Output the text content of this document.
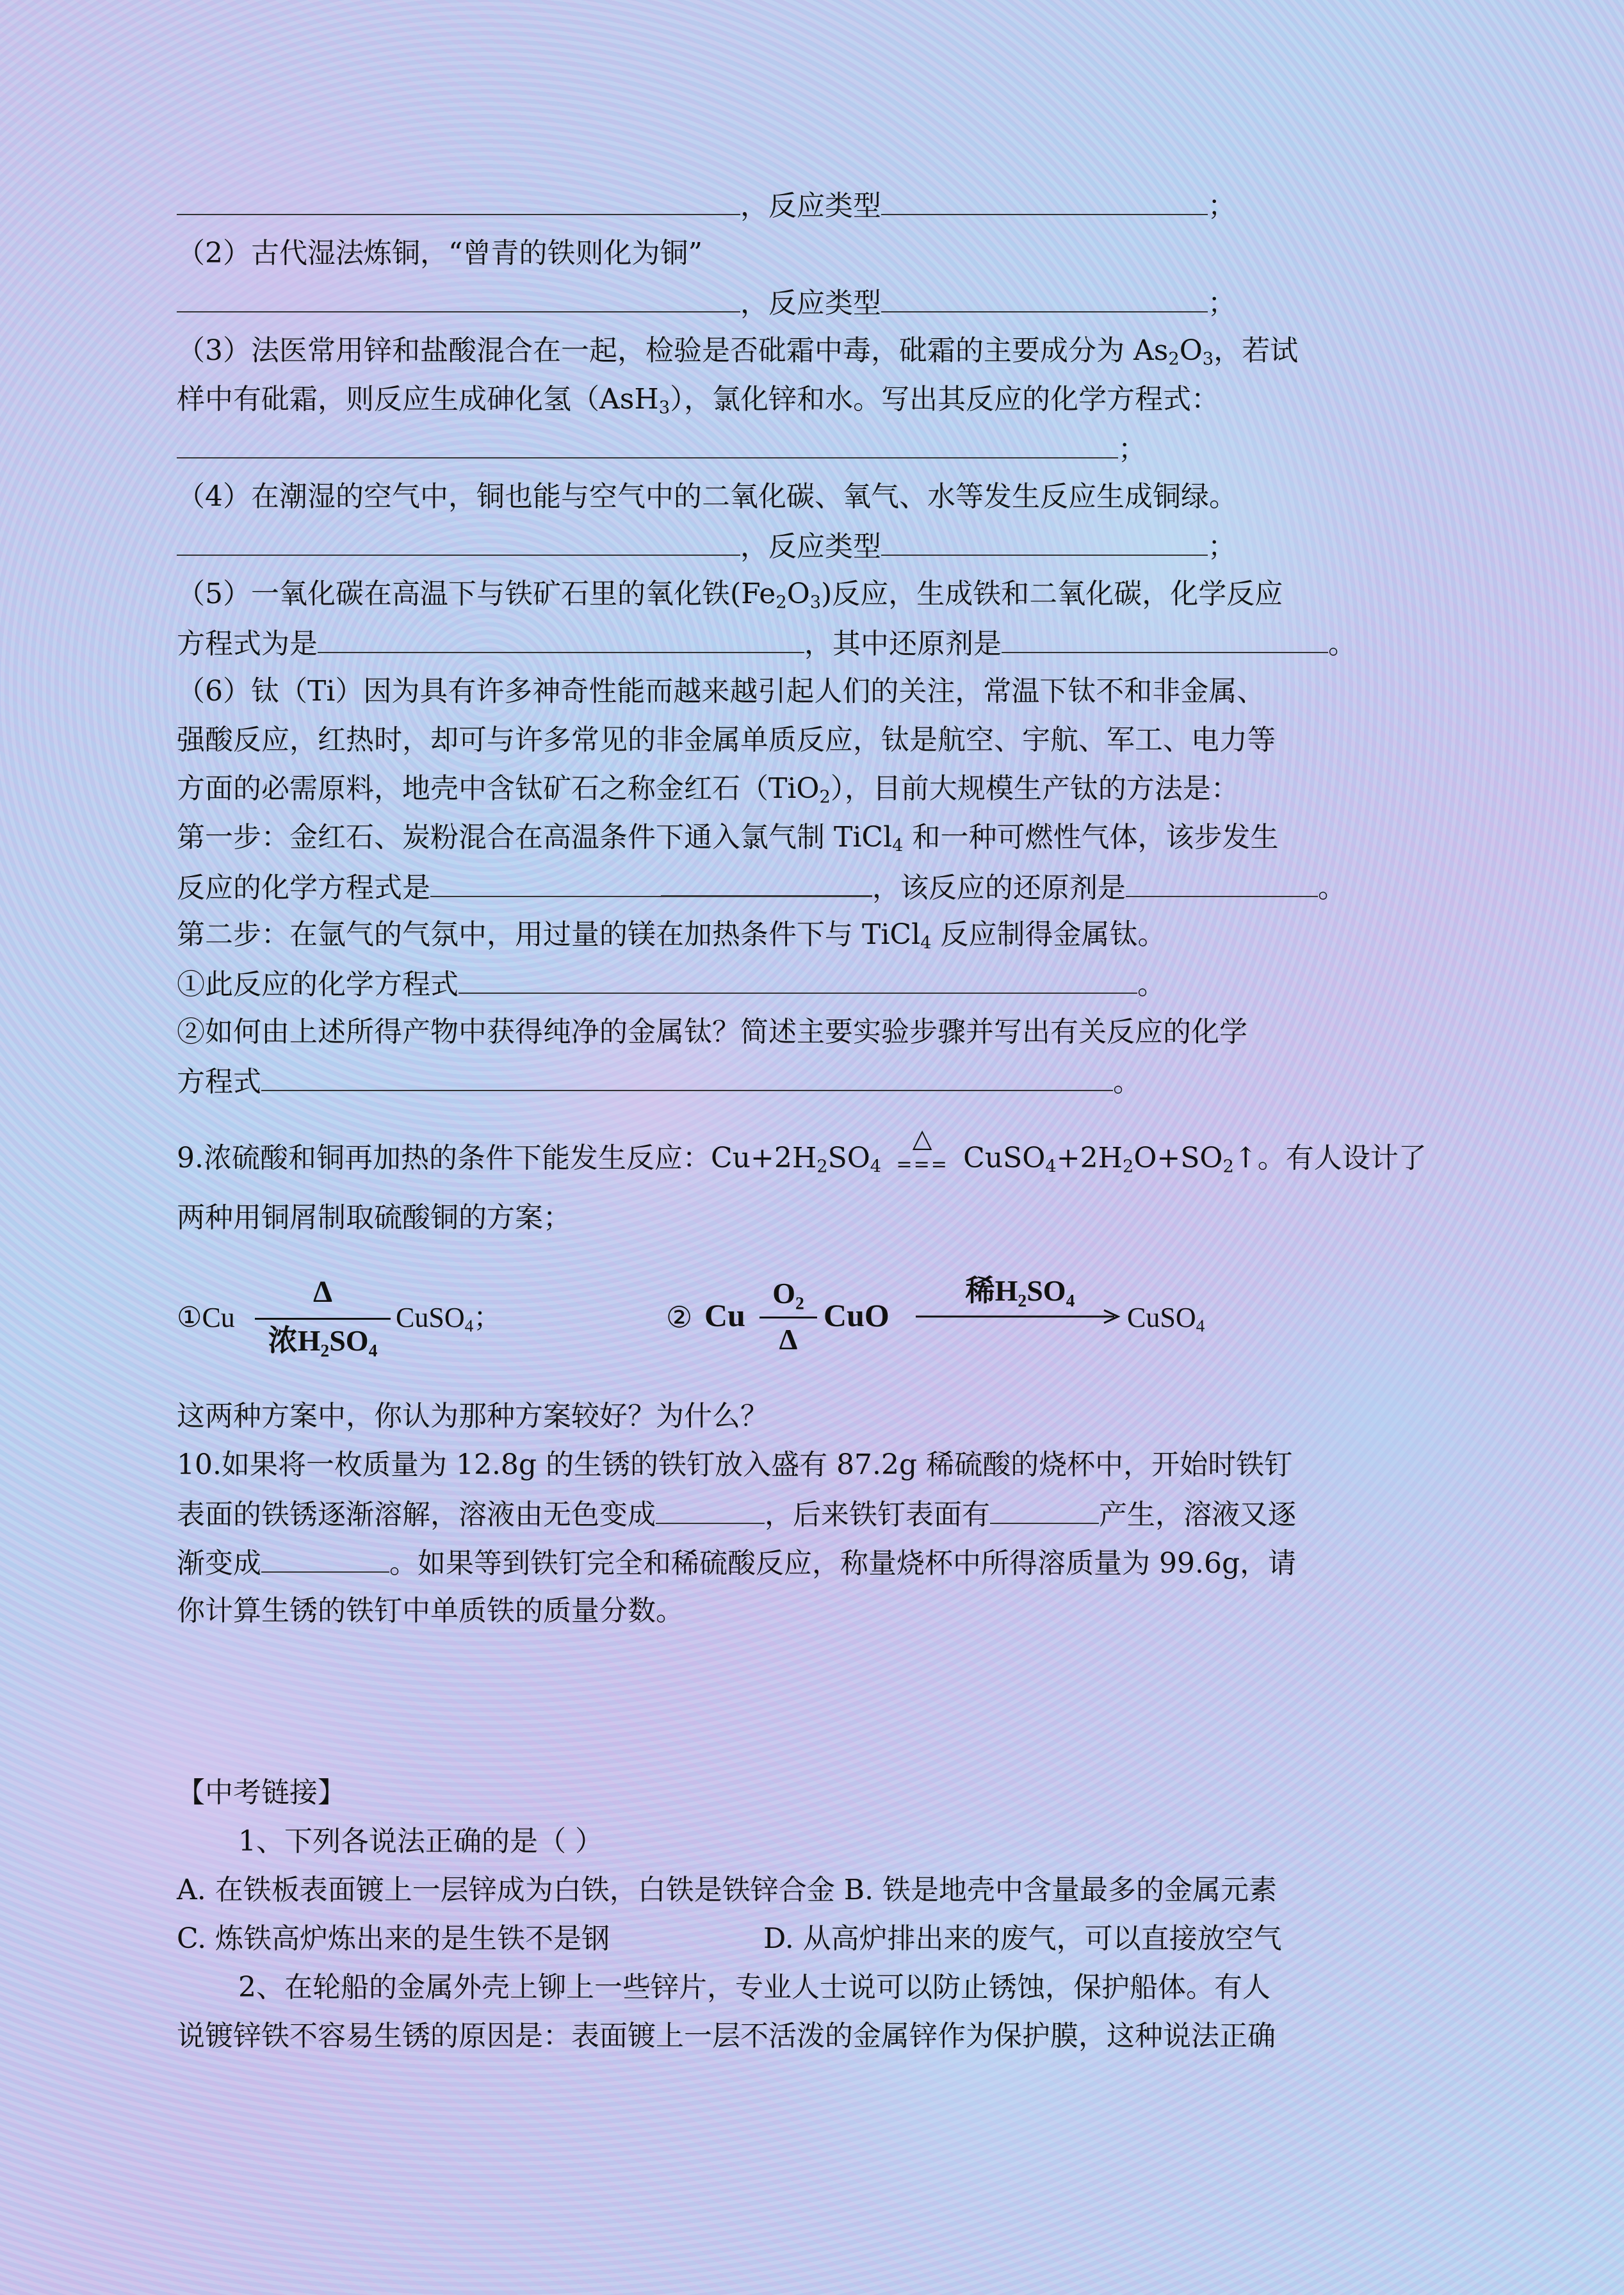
，反应类型	；
（2）古代湿法炼铜，“曾青的铁则化为铜”
，反应类型	；
（3）法医常用锌和盐酸混合在一起，检验是否砒霜中毒，砒霜的主要成分为 $As_2O_3$，若试
样中有砒霜，则反应生成砷化氢（AsH$_3$），氯化锌和水。写出其反应的化学方程式：
；
（4）在潮湿的空气中，铜也能与空气中的二氧化碳、氧气、水等发生反应生成铜绿。
，反应类型	；
（5）一氧化碳在高温下与铁矿石里的氧化铁$(Fe_2O_3)$反应，生成铁和二氧化碳，化学反应
方程式为是	，其中还原剂是	。
（6）钛（Ti）因为具有许多神奇性能而越来越引起人们的关注，常温下钛不和非金属、
强酸反应，红热时，却可与许多常见的非金属单质反应，钛是航空、宇航、军工、电力等
方面的必需原料，地壳中含钛矿石之称金红石（TiO$_2$），目前大规模生产钛的方法是：
第一步：金红石、炭粉混合在高温条件下通入氯气制 TiCl$_4$ 和一种可燃性气体，该步发生
反应的化学方程式是	，该反应的还原剂是	。
第二步：在氩气的气氛中，用过量的镁在加热条件下与 TiCl$_4$ 反应制得金属钛。
①此反应的化学方程式	。
②如何由上述所得产物中获得纯净的金属钛？简述主要实验步骤并写出有关反应的化学
方程式	。
9.浓硫酸和铜再加热的条件下能发生反应：$Cu+2H_2SO_4$
△
=== $CuSO_4+2H_2O+SO_2↑$。有人设计了
两种用铜屑制取硫酸铜的方案；
①Cu
Δ
浓H₂SO₄
CuSO$_4$；	② Cu
O₂
Δ
CuO
稀H₂SO₄
CuSO$_4$
这两种方案中，你认为那种方案较好？为什么？
10.如果将一枚质量为 12.8g 的生锈的铁钉放入盛有 87.2g 稀硫酸的烧杯中，开始时铁钉
表面的铁锈逐渐溶解，溶液由无色变成	，后来铁钉表面有	产生，溶液又逐
渐变成	。如果等到铁钉完全和稀硫酸反应，称量烧杯中所得溶质量为 99.6g，请
你计算生锈的铁钉中单质铁的质量分数。
【中考链接】
1、下列各说法正确的是（ ）
A. 在铁板表面镀上一层锌成为白铁，白铁是铁锌合金 B. 铁是地壳中含量最多的金属元素
C. 炼铁高炉炼出来的是生铁不是钢	D. 从高炉排出来的废气，可以直接放空气
2、在轮船的金属外壳上铆上一些锌片，专业人士说可以防止锈蚀，保护船体。有人
说镀锌铁不容易生锈的原因是：表面镀上一层不活泼的金属锌作为保护膜，这种说法正确
